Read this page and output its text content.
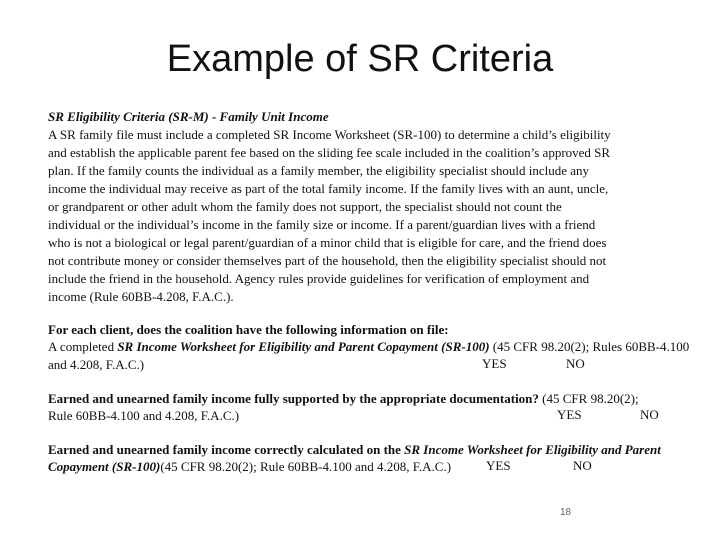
Example of SR Criteria
SR Eligibility Criteria (SR-M) - Family Unit Income
A SR family file must include a completed SR Income Worksheet (SR-100) to determine a child’s eligibility
and establish the applicable parent fee based on the sliding fee scale included in the coalition’s approved SR
plan. If the family counts the individual as a family member, the eligibility specialist should include any
income the individual may receive as part of the total family income. If the family lives with an aunt, uncle,
or grandparent or other adult whom the family does not support, the specialist should not count the
individual or the individual’s income in the family size or income. If a parent/guardian lives with a friend
who is not a biological or legal parent/guardian of a minor child that is eligible for care, and the friend does
not contribute money or consider themselves part of the household, then the eligibility specialist should not
include the friend in the household. Agency rules provide guidelines for verification of employment and
income (Rule 60BB-4.208, F.A.C.).
For each client, does the coalition have the following information on file:
A completed SR Income Worksheet for Eligibility and Parent Copayment (SR-100) (45 CFR 98.20(2); Rules 60BB-4.100
and 4.208, F.A.C.)	YES	NO
Earned and unearned family income fully supported by the appropriate documentation? (45 CFR 98.20(2);
Rule 60BB-4.100 and 4.208, F.A.C.)	YES	NO
Earned and unearned family income correctly calculated on the SR Income Worksheet for Eligibility and Parent
Copayment (SR-100)(45 CFR 98.20(2); Rule 60BB-4.100 and 4.208, F.A.C.)	YES	NO
18
